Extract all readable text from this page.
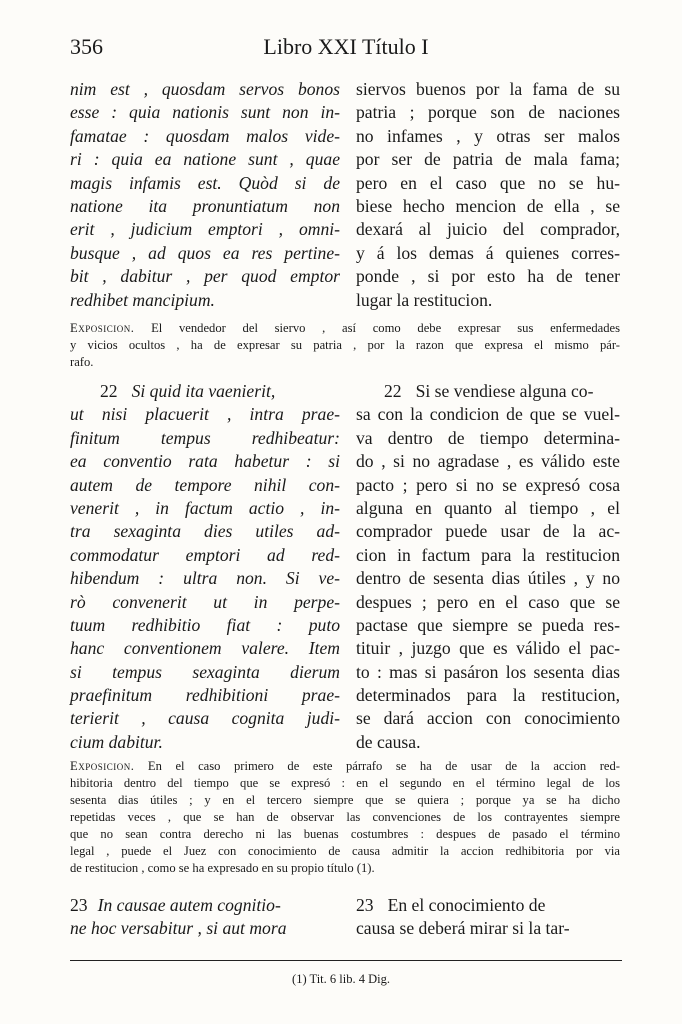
356	Libro XXI Título I
nim est , quosdam servos bonos
esse : quia nationis sunt non in-
famatae : quosdam malos vide-
ri : quia ea natione sunt , quae
magis infamis est. Quòd si de
natione ita pronuntiatum non
erit , judicium emptori , omni-
busque , ad quos ea res pertine-
bit , dabitur , per quod emptor
redhibet mancipium.
siervos buenos por la fama de su
patria ; porque son de naciones
no infames , y otras ser malos
por ser de patria de mala fama;
pero en el caso que no se hu-
biese hecho mencion de ella , se
dexará al juicio del comprador,
y á los demas á quienes corres-
ponde , si por esto ha de tener
lugar la restitucion.
Exposicion. El vendedor del siervo , así como debe expresar sus enfermedades
y vicios ocultos , ha de expresar su patria , por la razon que expresa el mismo pár-
rafo.
22 Si quid ita vaenierit,
ut nisi placuerit , intra prae-
finitum tempus redhibeatur:
ea conventio rata habetur : si
autem de tempore nihil con-
venerit , in factum actio , in-
tra sexaginta dies utiles ad-
commodatur emptori ad red-
hibendum : ultra non. Si ve-
rò convenerit ut in perpe-
tuum redhibitio fiat : puto
hanc conventionem valere. Item
si tempus sexaginta dierum
praefinitum redhibitioni prae-
terierit , causa cognita judi-
cium dabitur.
22 Si se vendiese alguna co-
sa con la condicion de que se vuel-
va dentro de tiempo determina-
do , si no agradase , es válido este
pacto ; pero si no se expresó cosa
alguna en quanto al tiempo , el
comprador puede usar de la ac-
cion in factum para la restitucion
dentro de sesenta dias útiles , y no
despues ; pero en el caso que se
pactase que siempre se pueda res-
tituir , juzgo que es válido el pac-
to : mas si pasáron los sesenta dias
determinados para la restitucion,
se dará accion con conocimiento
de causa.
Exposicion. En el caso primero de este párrafo se ha de usar de la accion red-
hibitoria dentro del tiempo que se expresó : en el segundo en el término legal de los
sesenta dias útiles ; y en el tercero siempre que se quiera ; porque ya se ha dicho
repetidas veces , que se han de observar las convenciones de los contrayentes siempre
que no sean contra derecho ni las buenas costumbres : despues de pasado el término
legal , puede el Juez con conocimiento de causa admitir la accion redhibitoria por via
de restitucion , como se ha expresado en su propio título (1).
23 In causae autem cognitio-
ne hoc versabitur , si aut mora
23 En el conocimiento de
causa se deberá mirar si la tar-
(1) Tit. 6 lib. 4 Dig.
